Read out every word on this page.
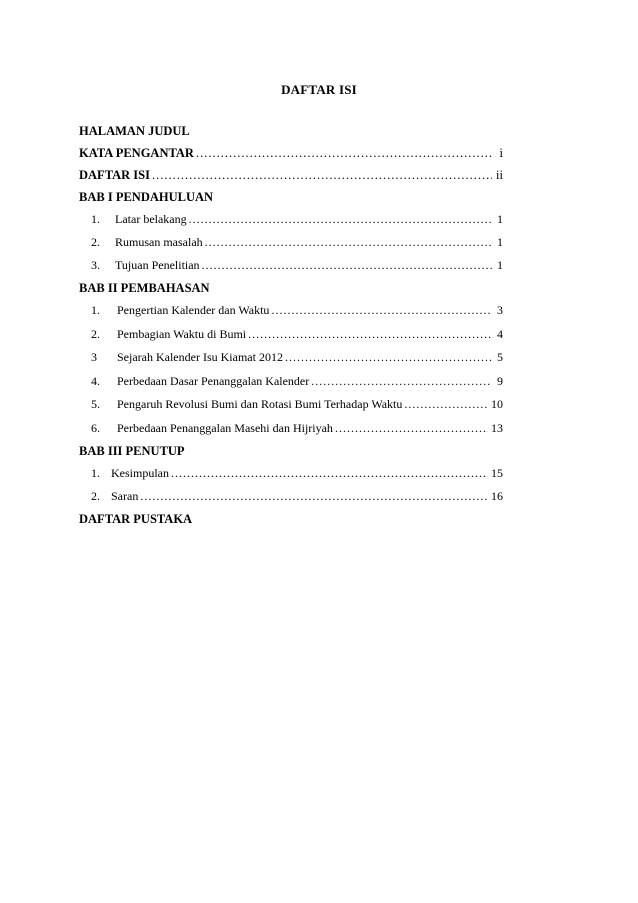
DAFTAR ISI
HALAMAN JUDUL
KATA PENGANTAR .....	i
DAFTAR ISI .....	ii
BAB I PENDAHULUAN
1.	Latar belakang .....	1
2.	Rumusan masalah .....	1
3.	Tujuan Penelitian .....	1
BAB II PEMBAHASAN
1.	Pengertian Kalender dan Waktu .....	3
2.	Pembagian Waktu di Bumi .....	4
3	Sejarah Kalender Isu Kiamat 2012 .....	5
4.	Perbedaan Dasar Penanggalan Kalender .....	9
5.	Pengaruh Revolusi Bumi dan Rotasi Bumi Terhadap Waktu .....	10
6.	Perbedaan Penanggalan Masehi dan Hijriyah .....	13
BAB III PENUTUP
1. Kesimpulan .....	15
2. Saran .....	16
DAFTAR PUSTAKA
